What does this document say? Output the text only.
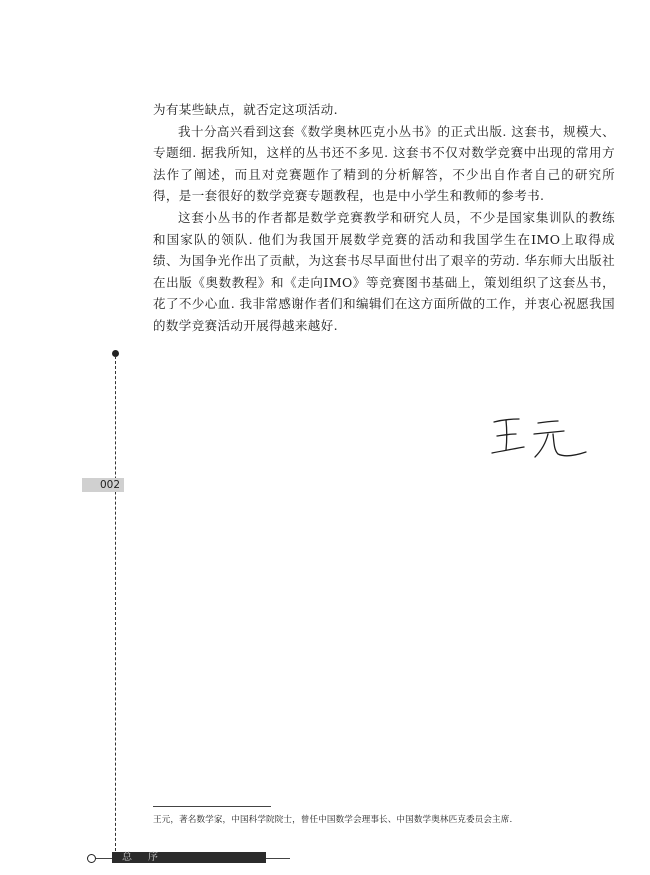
为有某些缺点，就否定这项活动.

我十分高兴看到这套《数学奥林匹克小丛书》的正式出版. 这套书，规模大、专题细. 据我所知，这样的丛书还不多见. 这套书不仅对数学竞赛中出现的常用方法作了阐述，而且对竞赛题作了精到的分析解答，不少出自作者自己的研究所得，是一套很好的数学竞赛专题教程，也是中小学生和教师的参考书.

这套小丛书的作者都是数学竞赛教学和研究人员，不少是国家集训队的教练和国家队的领队. 他们为我国开展数学竞赛的活动和我国学生在IMO上取得成绩、为国争光作出了贡献，为这套书尽早面世付出了艰辛的劳动. 华东师大出版社在出版《奥数教程》和《走向IMO》等竞赛图书基础上，策划组织了这套丛书，花了不少心血. 我非常感谢作者们和编辑们在这方面所做的工作，并衷心祝愿我国的数学竞赛活动开展得越来越好.

002
王元，著名数学家，中国科学院院士，曾任中国数学会理事长、中国数学奥林匹克委员会主席.
总序
